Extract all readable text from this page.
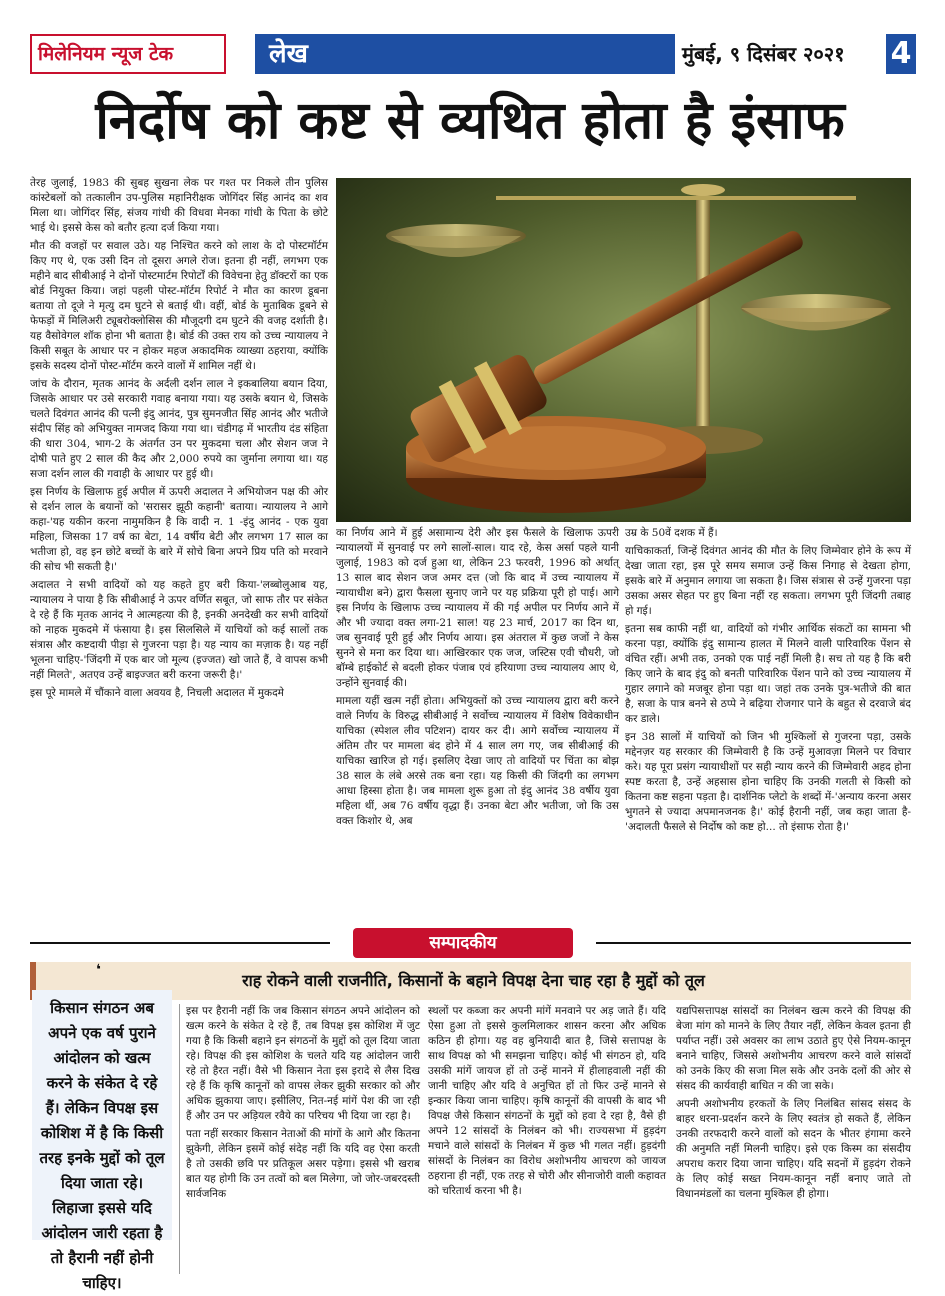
मिलेनियम न्यूज टेक	लेख	मुंबई, ९ दिसंबर २०२१	4
निर्दोष को कष्ट से व्यथित होता है इंसाफ

तेरह जुलाई, 1983 की सुबह सुखना लेक पर गश्त पर निकले तीन पुलिस कांस्टेबलों को तत्कालीन उप-पुलिस महानिरीक्षक जोगिंदर सिंह आनंद का शव मिला था। जोगिंदर सिंह, संजय गांधी की विधवा मेनका गांधी के पिता के छोटे भाई थे। इससे केस को बतौर हत्या दर्ज किया गया।

मौत की वजहों पर सवाल उठे। यह निश्चित करने को लाश के दो पोस्टमॉर्टम किए गए थे, एक उसी दिन तो दूसरा अगले रोज। इतना ही नहीं, लगभग एक महीने बाद सीबीआई ने दोनों पोस्टमार्टम रिपोर्टों की विवेचना हेतु डॉक्टरों का एक बोर्ड नियुक्त किया। जहां पहली पोस्ट-मॉर्टम रिपोर्ट ने मौत का कारण डूबना बताया तो दूजे ने मृत्यु दम घुटने से बताई थी। वहीं, बोर्ड के मुताबिक डूबने से फेफड़ों में मिलिअरी ट्यूबरोक्लोसिस की मौजूदगी दम घुटने की वजह दर्शाती है। यह वैसोवेगल शॉक होना भी बताता है। बोर्ड की उक्त राय को उच्च न्यायालय ने किसी सबूत के आधार पर न होकर महज अकादमिक व्याख्या ठहराया, क्योंकि इसके सदस्य दोनों पोस्ट-मॉर्टम करने वालों में शामिल नहीं थे।

जांच के दौरान, मृतक आनंद के अर्दली दर्शन लाल ने इकबालिया बयान दिया, जिसके आधार पर उसे सरकारी गवाह बनाया गया। यह उसके बयान थे, जिसके चलते दिवंगत आनंद की पत्नी इंदु आनंद, पुत्र सुमनजीत सिंह आनंद और भतीजे संदीप सिंह को अभियुक्त नामजद किया गया था। चंडीगढ़ में भारतीय दंड संहिता की धारा 304, भाग-2 के अंतर्गत उन पर मुकदमा चला और सेशन जज ने दोषी पाते हुए 2 साल की कैद और 2,000 रुपये का जुर्माना लगाया था। यह सजा दर्शन लाल की गवाही के आधार पर हुई थी।

इस निर्णय के खिलाफ हुई अपील में ऊपरी अदालत ने अभियोजन पक्ष की ओर से दर्शन लाल के बयानों को 'सरासर झूठी कहानी' बताया। न्यायालय ने आगे कहा-'यह यकीन करना नामुमकिन है कि वादी न. 1 -इंदु आनंद - एक युवा महिला, जिसका 17 वर्ष का बेटा, 14 वर्षीय बेटी और लगभग 17 साल का भतीजा हो, वह इन छोटे बच्चों के बारे में सोचे बिना अपने प्रिय पति को मरवाने की सोच भी सकती है।'

अदालत ने सभी वादियों को यह कहते हुए बरी किया-'लब्बोलुआब यह, न्यायालय ने पाया है कि सीबीआई ने ऊपर वर्णित सबूत, जो साफ तौर पर संकेत दे रहे हैं कि मृतक आनंद ने आत्महत्या की है, इनकी अनदेखी कर सभी वादियों को नाहक मुकदमे में फंसाया है। इस सिलसिले में याचियों को कई सालों तक संत्रास और कष्टदायी पीड़ा से गुजरना पड़ा है। यह न्याय का मज़ाक है। यह नहीं भूलना चाहिए-'जिंदगी में एक बार जो मूल्य (इज्जत) खो जाते हैं, वे वापस कभी नहीं मिलते', अतएव उन्हें बाइज्जत बरी करना जरूरी है।'

इस पूरे मामले में चौंकाने वाला अवयव है, निचली अदालत में मुकदमे

का निर्णय आने में हुई असामान्य देरी और इस फैसले के खिलाफ ऊपरी न्यायालयों में सुनवाई पर लगे सालों-साल। याद रहे, केस अर्सा पहले यानी जुलाई, 1983 को दर्ज हुआ था, लेकिन 23 फरवरी, 1996 को अर्थात् 13 साल बाद सेशन जज अमर दत्त (जो कि बाद में उच्च न्यायालय में न्यायाधीश बने) द्वारा फैसला सुनाए जाने पर यह प्रक्रिया पूरी हो पाई। आगे इस निर्णय के खिलाफ उच्च न्यायालय में की गई अपील पर निर्णय आने में और भी ज्यादा वक्त लगा-21 साल! यह 23 मार्च, 2017 का दिन था, जब सुनवाई पूरी हुई और निर्णय आया। इस अंतराल में कुछ जजों ने केस सुनने से मना कर दिया था। आखिरकार एक जज, जस्टिस एवी चौधरी, जो बॉम्बे हाईकोर्ट से बदली होकर पंजाब एवं हरियाणा उच्च न्यायालय आए थे, उन्होंने सुनवाई की।

मामला यहीं खत्म नहीं होता। अभियुक्तों को उच्च न्यायालय द्वारा बरी करने वाले निर्णय के विरुद्ध सीबीआई ने सर्वोच्च न्यायालय में विशेष विवेकाधीन याचिका (स्पेशल लीव पटिशन) दायर कर दी। आगे सर्वोच्च न्यायालय में अंतिम तौर पर मामला बंद होने में 4 साल लग गए, जब सीबीआई की याचिका खारिज हो गई। इसलिए देखा जाए तो वादियों पर चिंता का बोझ 38 साल के लंबे अरसे तक बना रहा। यह किसी की जिंदगी का लगभग आधा हिस्सा होता है। जब मामला शुरू हुआ तो इंदु आनंद 38 वर्षीय युवा महिला थीं, अब 76 वर्षीय वृद्धा हैं। उनका बेटा और भतीजा, जो कि उस वक्त किशोर थे, अब

उम्र के 50वें दशक में हैं।

याचिकाकर्ता, जिन्हें दिवंगत आनंद की मौत के लिए जिम्मेवार होने के रूप में देखा जाता रहा, इस पूरे समय समाज उन्हें किस निगाह से देखता होगा, इसके बारे में अनुमान लगाया जा सकता है। जिस संत्रास से उन्हें गुजरना पड़ा उसका असर सेहत पर हुए बिना नहीं रह सकता। लगभग पूरी जिंदगी तबाह हो गई।

इतना सब काफी नहीं था, वादियों को गंभीर आर्थिक संकटों का सामना भी करना पड़ा, क्योंकि इंदु सामान्य हालत में मिलने वाली पारिवारिक पेंशन से वंचित रहीं। अभी तक, उनको एक पाई नहीं मिली है। सच तो यह है कि बरी किए जाने के बाद इंदु को बनती पारिवारिक पेंशन पाने को उच्च न्यायालय में गुहार लगाने को मजबूर होना पड़ा था। जहां तक उनके पुत्र-भतीजे की बात है, सजा के पात्र बनने से ठप्पे ने बढ़िया रोजगार पाने के बहुत से दरवाजे बंद कर डाले।

इन 38 सालों में याचियों को जिन भी मुश्किलों से गुजरना पड़ा, उसके मद्देनज़र यह सरकार की जिम्मेवारी है कि उन्हें मुआवज़ा मिलने पर विचार करे। यह पूरा प्रसंग न्यायाधीशों पर सही न्याय करने की जिम्मेवारी अहद होना स्पष्ट करता है, उन्हें अहसास होना चाहिए कि उनकी गलती से किसी को कितना कष्ट सहना पड़ता है। दार्शनिक प्लेटो के शब्दों में-'अन्याय करना असर भुगतने से ज्यादा अपमानजनक है।' कोई हैरानी नहीं, जब कहा जाता है-'अदालती फैसले से निर्दोष को कष्ट हो... तो इंसाफ रोता है।'

सम्पादकीय
राह रोकने वाली राजनीति, किसानों के बहाने विपक्ष देना चाह रहा है मुद्दों को तूल
❛
किसान संगठन अब अपने एक वर्ष पुराने आंदोलन को खत्म करने के संकेत दे रहे हैं। लेकिन विपक्ष इस कोशिश में है कि किसी तरह इनके मुद्दों को तूल दिया जाता रहे। लिहाजा इससे यदि आंदोलन जारी रहता है तो हैरानी नहीं होनी चाहिए।

इस पर हैरानी नहीं कि जब किसान संगठन अपने आंदोलन को खत्म करने के संकेत दे रहे हैं, तब विपक्ष इस कोशिश में जुट गया है कि किसी बहाने इन संगठनों के मुद्दों को तूल दिया जाता रहे। विपक्ष की इस कोशिश के चलते यदि यह आंदोलन जारी रहे तो हैरत नहीं। वैसे भी किसान नेता इस इरादे से लैस दिख रहे हैं कि कृषि कानूनों को वापस लेकर झुकी सरकार को और अधिक झुकाया जाए। इसीलिए, नित-नई मांगें पेश की जा रही हैं और उन पर अड़ियल रवैये का परिचय भी दिया जा रहा है।

पता नहीं सरकार किसान नेताओं की मांगों के आगे और कितना झुकेगी, लेकिन इसमें कोई संदेह नहीं कि यदि वह ऐसा करती है तो उसकी छवि पर प्रतिकूल असर पड़ेगा। इससे भी खराब बात यह होगी कि उन तत्वों को बल मिलेगा, जो जोर-जबरदस्ती सार्वजनिक

स्थलों पर कब्जा कर अपनी मांगें मनवाने पर अड़ जाते हैं। यदि ऐसा हुआ तो इससे कुलमिलाकर शासन करना और अधिक कठिन ही होगा। यह वह बुनियादी बात है, जिसे सत्तापक्ष के साथ विपक्ष को भी समझना चाहिए। कोई भी संगठन हो, यदि उसकी मांगें जायज हों तो उन्हें मानने में हीलाहवाली नहीं की जानी चाहिए और यदि वे अनुचित हों तो फिर उन्हें मानने से इन्कार किया जाना चाहिए। कृषि कानूनों की वापसी के बाद भी विपक्ष जैसे किसान संगठनों के मुद्दों को हवा दे रहा है, वैसे ही अपने 12 सांसदों के निलंबन को भी। राज्यसभा में हुड़दंग मचाने वाले सांसदों के निलंबन में कुछ भी गलत नहीं। हुड़दंगी सांसदों के निलंबन का विरोध अशोभनीय आचरण को जायज ठहराना ही नहीं, एक तरह से चोरी और सीनाजोरी वाली कहावत को चरितार्थ करना भी है।

यद्यपिसत्तापक्ष सांसदों का निलंबन खत्म करने की विपक्ष की बेजा मांग को मानने के लिए तैयार नहीं, लेकिन केवल इतना ही पर्याप्त नहीं। उसे अवसर का लाभ उठाते हुए ऐसे नियम-कानून बनाने चाहिए, जिससे अशोभनीय आचरण करने वाले सांसदों को उनके किए की सजा मिल सके और उनके दलों की ओर से संसद की कार्यवाही बाधित न की जा सके।

अपनी अशोभनीय हरकतों के लिए निलंबित सांसद संसद के बाहर धरना-प्रदर्शन करने के लिए स्वतंत्र हो सकते हैं, लेकिन उनकी तरफदारी करने वालों को सदन के भीतर हंगामा करने की अनुमति नहीं मिलनी चाहिए। इसे एक किस्म का संसदीय अपराध करार दिया जाना चाहिए। यदि सदनों में हुड़दंग रोकने के लिए कोई सख्त नियम-कानून नहीं बनाए जाते तो विधानमंडलों का चलना मुश्किल ही होगा।
